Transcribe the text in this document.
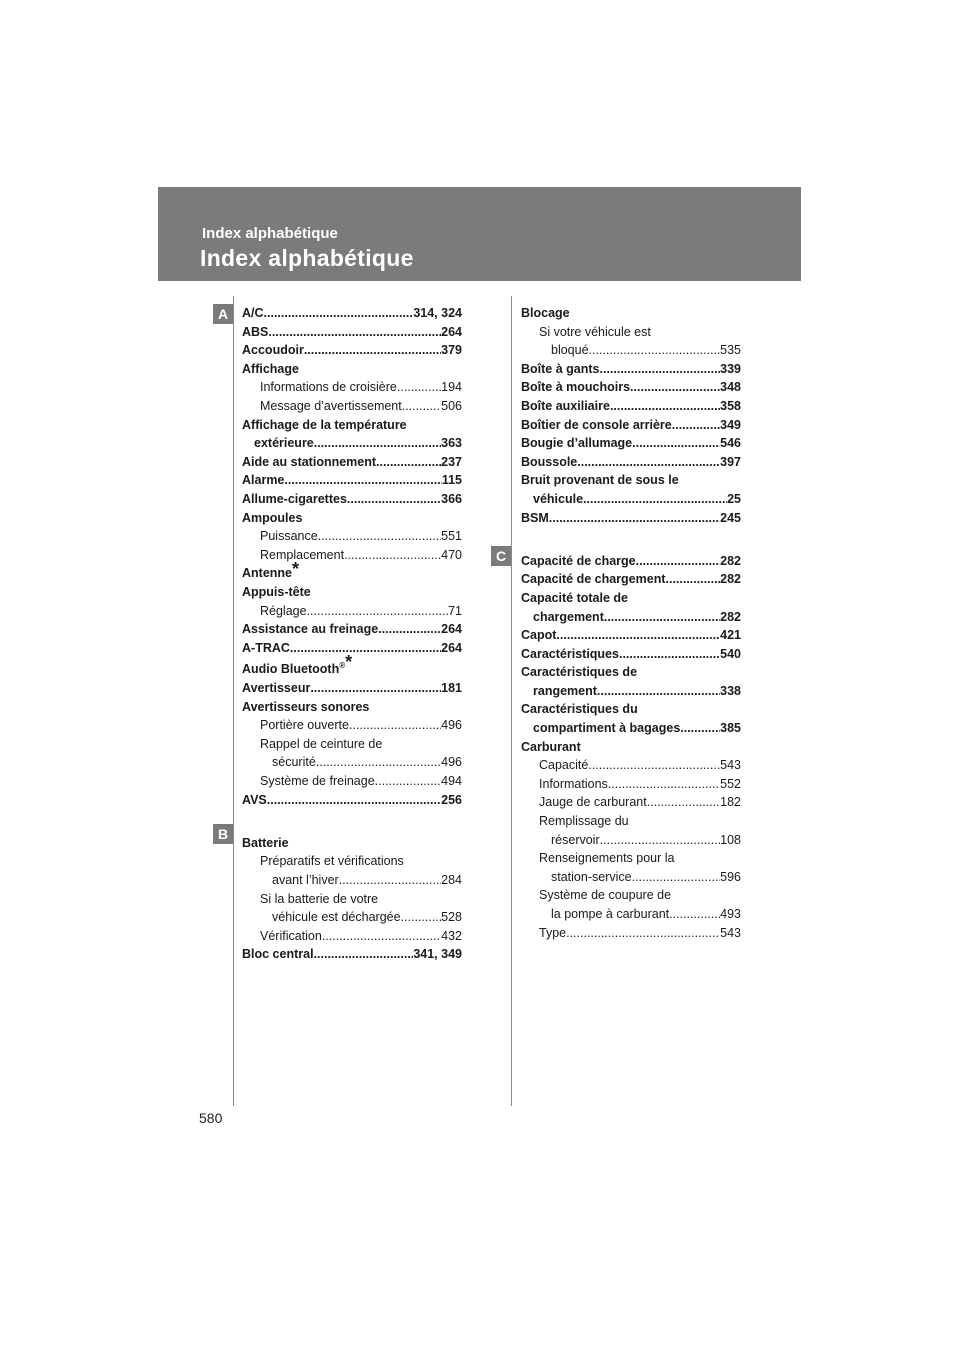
Index alphabétique
Index alphabétique
A
B
C
A/C .....	314, 324
ABS .....	264
Accoudoir .....	379
Affichage
Informations de croisière .....	194
Message d’avertissement .....	506
Affichage de la température
extérieure .....	363
Aide au stationnement .....	237
Alarme .....	115
Allume-cigarettes .....	366
Ampoules
Puissance .....	551
Remplacement .....	470
Antenne*
Appuis-tête
Réglage .....	71
Assistance au freinage .....	264
A-TRAC .....	264
Audio Bluetooth®*
Avertisseur .....	181
Avertisseurs sonores
Portière ouverte .....	496
Rappel de ceinture de
sécurité .....	496
Système de freinage .....	494
AVS .....	256
Batterie
Préparatifs et vérifications
avant l’hiver .....	284
Si la batterie de votre
véhicule est déchargée .....	528
Vérification .....	432
Bloc central .....	341, 349
Blocage
Si votre véhicule est
bloqué .....	535
Boîte à gants .....	339
Boîte à mouchoirs .....	348
Boîte auxiliaire .....	358
Boîtier de console arrière .....	349
Bougie d’allumage .....	546
Boussole .....	397
Bruit provenant de sous le
véhicule .....	25
BSM .....	245
Capacité de charge .....	282
Capacité de chargement .....	282
Capacité totale de
chargement .....	282
Capot .....	421
Caractéristiques .....	540
Caractéristiques de
rangement .....	338
Caractéristiques du
compartiment à bagages .....	385
Carburant
Capacité .....	543
Informations .....	552
Jauge de carburant .....	182
Remplissage du
réservoir .....	108
Renseignements pour la
station-service .....	596
Système de coupure de
la pompe à carburant .....	493
Type .....	543
580
